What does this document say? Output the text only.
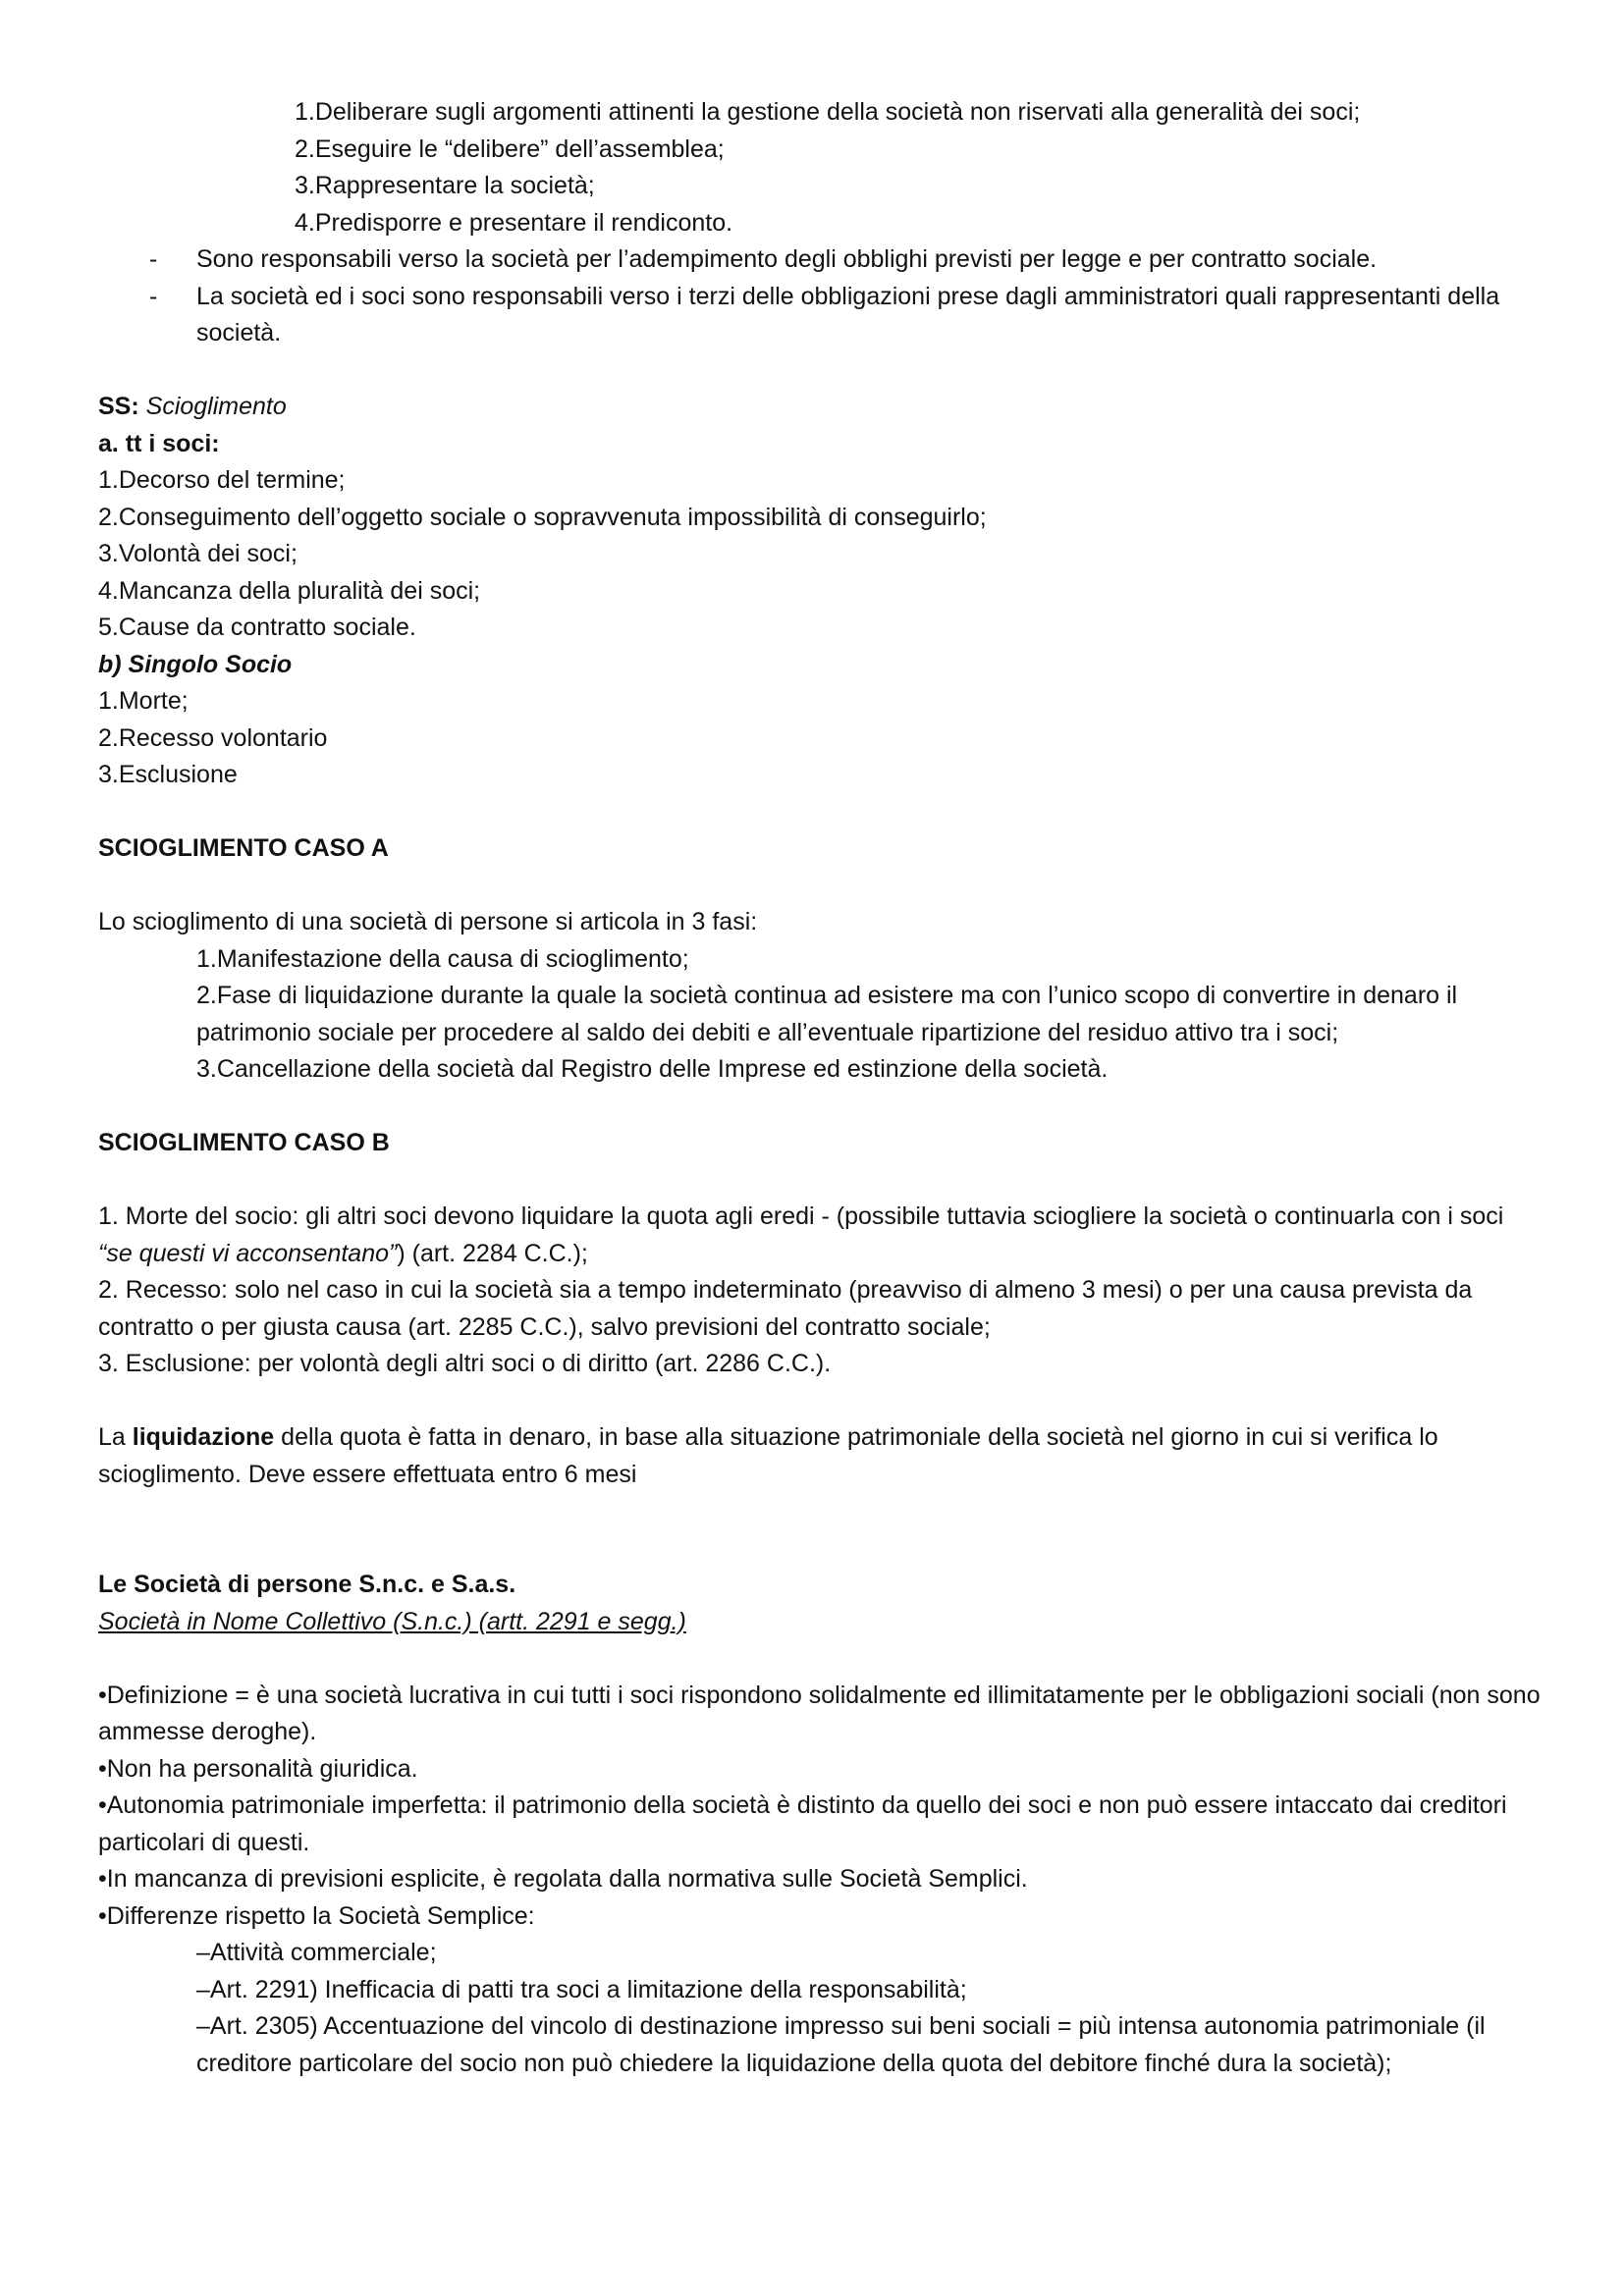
1.Deliberare sugli argomenti attinenti la gestione della società non riservati alla generalità dei soci;
2.Eseguire le “delibere” dell’assemblea;
3.Rappresentare la società;
4.Predisporre e presentare il rendiconto.
-	Sono responsabili verso la società per l’adempimento degli obblighi previsti per legge e per contratto sociale.
-	La società ed i soci sono responsabili verso i terzi delle obbligazioni prese dagli amministratori quali rappresentanti della società.
SS: Scioglimento
a. tt i soci:
1.Decorso del termine;
2.Conseguimento dell’oggetto sociale o sopravvenuta impossibilità di conseguirlo;
3.Volontà dei soci;
4.Mancanza della pluralità dei soci;
5.Cause da contratto sociale.
b) Singolo Socio
1.Morte;
2.Recesso volontario
3.Esclusione
SCIOGLIMENTO CASO A
Lo scioglimento di una società di persone si articola in 3 fasi:
1.Manifestazione della causa di scioglimento;
2.Fase di liquidazione durante la quale la società continua ad esistere ma con l’unico scopo di convertire in denaro il patrimonio sociale per procedere al saldo dei debiti e all’eventuale ripartizione del residuo attivo tra i soci;
3.Cancellazione della società dal Registro delle Imprese ed estinzione della società.
SCIOGLIMENTO CASO B
1. Morte del socio: gli altri soci devono liquidare la quota agli eredi - (possibile tuttavia sciogliere la società o continuarla con i soci “se questi vi acconsentano”) (art. 2284 C.C.);
2. Recesso: solo nel caso in cui la società sia a tempo indeterminato (preavviso di almeno 3 mesi) o per una causa prevista da contratto o per giusta causa (art. 2285 C.C.), salvo previsioni del contratto sociale;
3. Esclusione: per volontà degli altri soci o di diritto (art. 2286 C.C.).
La liquidazione della quota è fatta in denaro, in base alla situazione patrimoniale della società nel giorno in cui si verifica lo scioglimento. Deve essere effettuata entro 6 mesi
Le Società di persone S.n.c. e S.a.s.
Società in Nome Collettivo (S.n.c.) (artt. 2291 e segg.)
•Definizione = è una società lucrativa in cui tutti i soci rispondono solidalmente ed illimitatamente per le obbligazioni sociali (non sono ammesse deroghe).
•Non ha personalità giuridica.
•Autonomia patrimoniale imperfetta: il patrimonio della società è distinto da quello dei soci e non può essere intaccato dai creditori particolari di questi.
•In mancanza di previsioni esplicite, è regolata dalla normativa sulle Società Semplici.
•Differenze rispetto la Società Semplice:
–Attività commerciale;
–Art. 2291) Inefficacia di patti tra soci a limitazione della responsabilità;
–Art. 2305) Accentuazione del vincolo di destinazione impresso sui beni sociali = più intensa autonomia patrimoniale (il creditore particolare del socio non può chiedere la liquidazione della quota del debitore finché dura la società);
